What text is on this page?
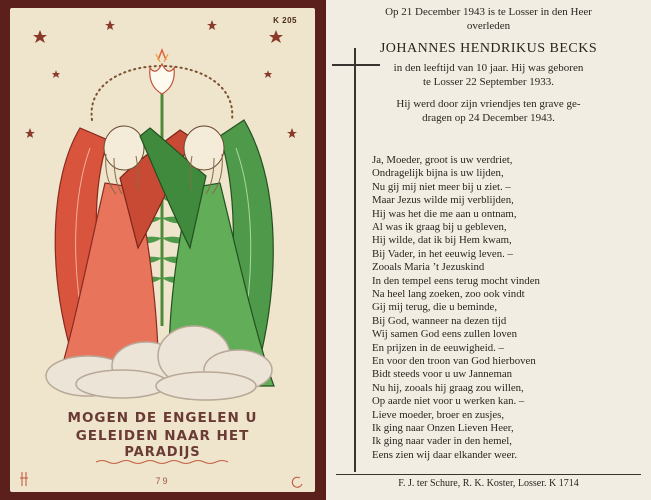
K 205
MOGEN DE ENGELEN U
GELEIDEN NAAR HET
PARADIJS
79
Op 21 December 1943 is te Losser in den Heer
overleden
JOHANNES HENDRIKUS BECKS
in den leeftijd van 10 jaar. Hij was geboren
te Losser 22 September 1933.
Hij werd door zijn vriendjes ten grave ge-
dragen op 24 December 1943.
Ja, Moeder, groot is uw verdriet,
Ondragelijk bijna is uw lijden,
Nu gij mij niet meer bij u ziet. –
Maar Jezus wilde mij verblijden,
Hij was het die me aan u ontnam,
Al was ik graag bij u gebleven,
Hij wilde, dat ik bij Hem kwam,
Bij Vader, in het eeuwig leven. –
Zooals Maria ’t Jezuskind
In den tempel eens terug mocht vinden
Na heel lang zoeken, zoo ook vindt
Gij mij terug, die u beminde,
Bij God, wanneer na dezen tijd
Wij samen God eens zullen loven
En prijzen in de eeuwigheid. –
En voor den troon van God hierboven
Bidt steeds voor u uw Janneman
Nu hij, zooals hij graag zou willen,
Op aarde niet voor u werken kan. –
Lieve moeder, broer en zusjes,
Ik ging naar Onzen Lieven Heer,
Ik ging naar vader in den hemel,
Eens zien wij daar elkander weer.
F. J. ter Schure, R. K. Koster, Losser. K 1714
